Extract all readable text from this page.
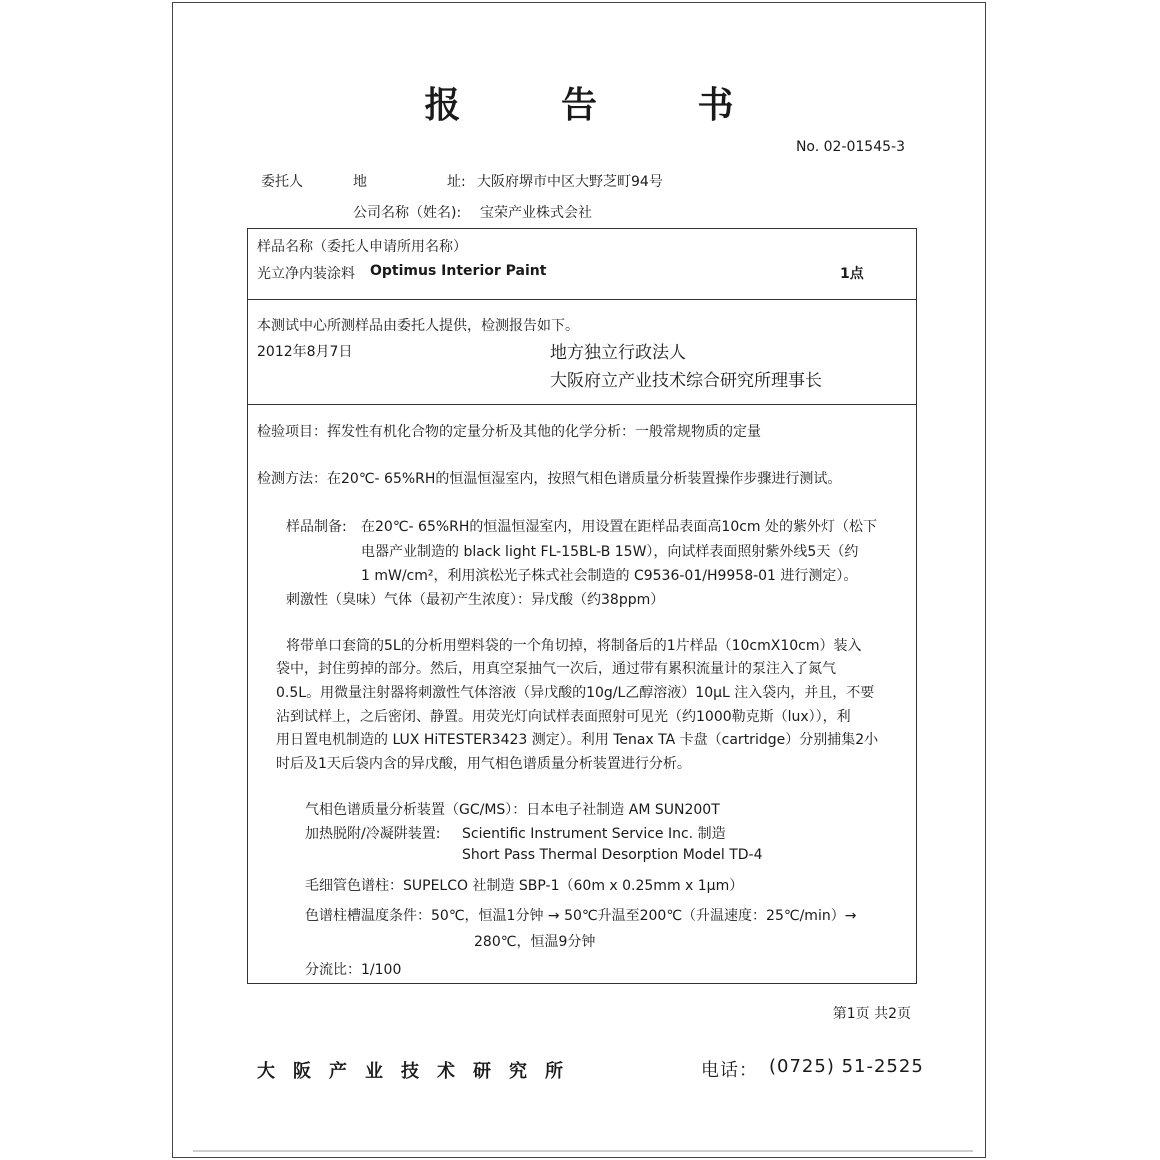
报 告 书
No. 02-01545-3
委托人	地	址: 大阪府堺市中区大野芝町94号
公司名称（姓名): 宝荣产业株式会社
样品名称（委托人申请所用名称）
光立净内装涂料 Optimus Interior Paint	1点
本测试中心所测样品由委托人提供，检测报告如下。
2012年8月7日	地方独立行政法人
大阪府立产业技术综合研究所理事长
检验项目：挥发性有机化合物的定量分析及其他的化学分析：一般常规物质的定量
检测方法：在20℃- 65%RH的恒温恒湿室内，按照气相色谱质量分析装置操作步骤进行测试。
样品制备: 在20℃- 65%RH的恒温恒湿室内，用设置在距样品表面高10cm 处的紫外灯（松下
电器产业制造的 black light FL-15BL-B 15W），向试样表面照射紫外线5天（约
1 mW/cm²，利用滨松光子株式社会制造的 C9536-01/H9958-01 进行测定）。
刺激性（臭味）气体（最初产生浓度）：异戊酸（约38ppm）
将带单口套筒的5L的分析用塑料袋的一个角切掉，将制备后的1片样品（10cmX10cm）装入
袋中，封住剪掉的部分。然后，用真空泵抽气一次后，通过带有累积流量计的泵注入了氮气
0.5L。用微量注射器将刺激性气体溶液（异戊酸的10g/L乙醇溶液）10μL 注入袋内，并且，不要
沾到试样上，之后密闭、静置。用荧光灯向试样表面照射可见光（约1000勒克斯（lux）），利
用日置电机制造的 LUX HiTESTER3423 测定）。利用 Tenax TA 卡盘（cartridge）分别捕集2小
时后及1天后袋内含的异戊酸，用气相色谱质量分析装置进行分析。
气相色谱质量分析装置（GC/MS）：日本电子社制造 AM SUN200T
加热脱附/冷凝阱装置: Scientific Instrument Service Inc. 制造
Short Pass Thermal Desorption Model TD-4
毛细管色谱柱：SUPELCO 社制造 SBP-1（60m x 0.25mm x 1μm）
色谱柱槽温度条件：50℃，恒温1分钟 → 50℃升温至200℃（升温速度：25℃/min）→
280℃，恒温9分钟
分流比：1/100
第1页 共2页
大阪产业技术研究所	电话： (0725) 51-2525
